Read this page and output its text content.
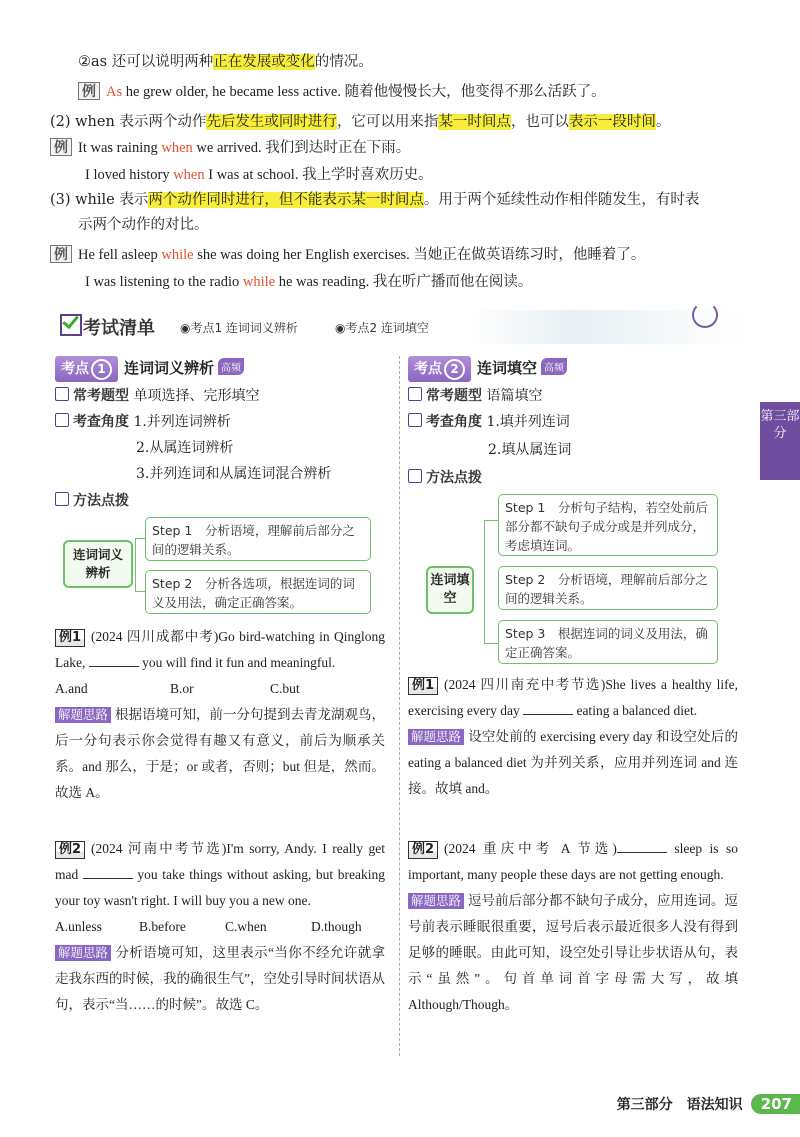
②as 还可以说明两种正在发展或变化的情况。
例 As he grew older, he became less active. 随着他慢慢长大，他变得不那么活跃了。
(2) when 表示两个动作先后发生或同时进行，它可以用来指某一时间点，也可以表示一段时间。
例 It was raining when we arrived. 我们到达时正在下雨。
I loved history when I was at school. 我上学时喜欢历史。
(3) while 表示两个动作同时进行，但不能表示某一时间点。用于两个延续性动作相伴随发生，有时表
示两个动作的对比。
例 He fell asleep while she was doing her English exercises. 当她正在做英语练习时，他睡着了。
I was listening to the radio while he was reading. 我在听广播而他在阅读。
考试清单 ◉考点1 连词词义辨析	◉考点2 连词填空
考点 1 连词词义辨析 高频
常考题型 单项选择、完形填空
考查角度 1.并列连词辨析
2.从属连词辨析
3.并列连词和从属连词混合辨析
方法点拨
连词词义辨析
Step 1　分析语境，理解前后部分之间的逻辑关系。
Step 2　分析各选项，根据连词的词义及用法，确定正确答案。

例1 (2024 四川成都中考)Go bird-watching in Qinglong Lake,	you will find it fun and meaningful.

A.and	B.or	C.but

解题思路 根据语境可知，前一分句提到去青龙湖观鸟，后一分句表示你会觉得有趣又有意义，前后为顺承关系。and 那么，于是；or 或者，否则；but 但是，然而。故选 A。

例2 (2024 河南中考节选)I'm sorry, Andy. I really get mad	you take things without asking, but breaking your toy wasn't right. I will buy you a new one.

A.unless	B.before	C.when	D.though

解题思路 分析语境可知，这里表示“当你不经允许就拿走我东西的时候，我的确很生气”，空处引导时间状语从句，表示“当……的时候”。故选 C。

考点 2 连词填空 高频
常考题型 语篇填空
考查角度 1.填并列连词
2.填从属连词
方法点拨
连词填空
Step 1　分析句子结构，若空处前后部分都不缺句子成分或是并列成分，考虑填连词。
Step 2　分析语境，理解前后部分之间的逻辑关系。
Step 3　根据连词的词义及用法，确定正确答案。

例1 (2024 四川南充中考节选)She lives a healthy life, exercising every day	eating a balanced diet.

解题思路 设空处前的 exercising every day 和设空处后的 eating a balanced diet 为并列关系，应用并列连词 and 连接。故填 and。

例2 (2024 重庆中考 A 节选)	sleep is so important, many people these days are not getting enough.

解题思路 逗号前后部分都不缺句子成分，应用连词。逗号前表示睡眠很重要，逗号后表示最近很多人没有得到足够的睡眠。由此可知，设空处引导让步状语从句，表示“虽然”。句首单词首字母需大写，故填 Although/Though。

第三部分
第三部分　语法知识 207
